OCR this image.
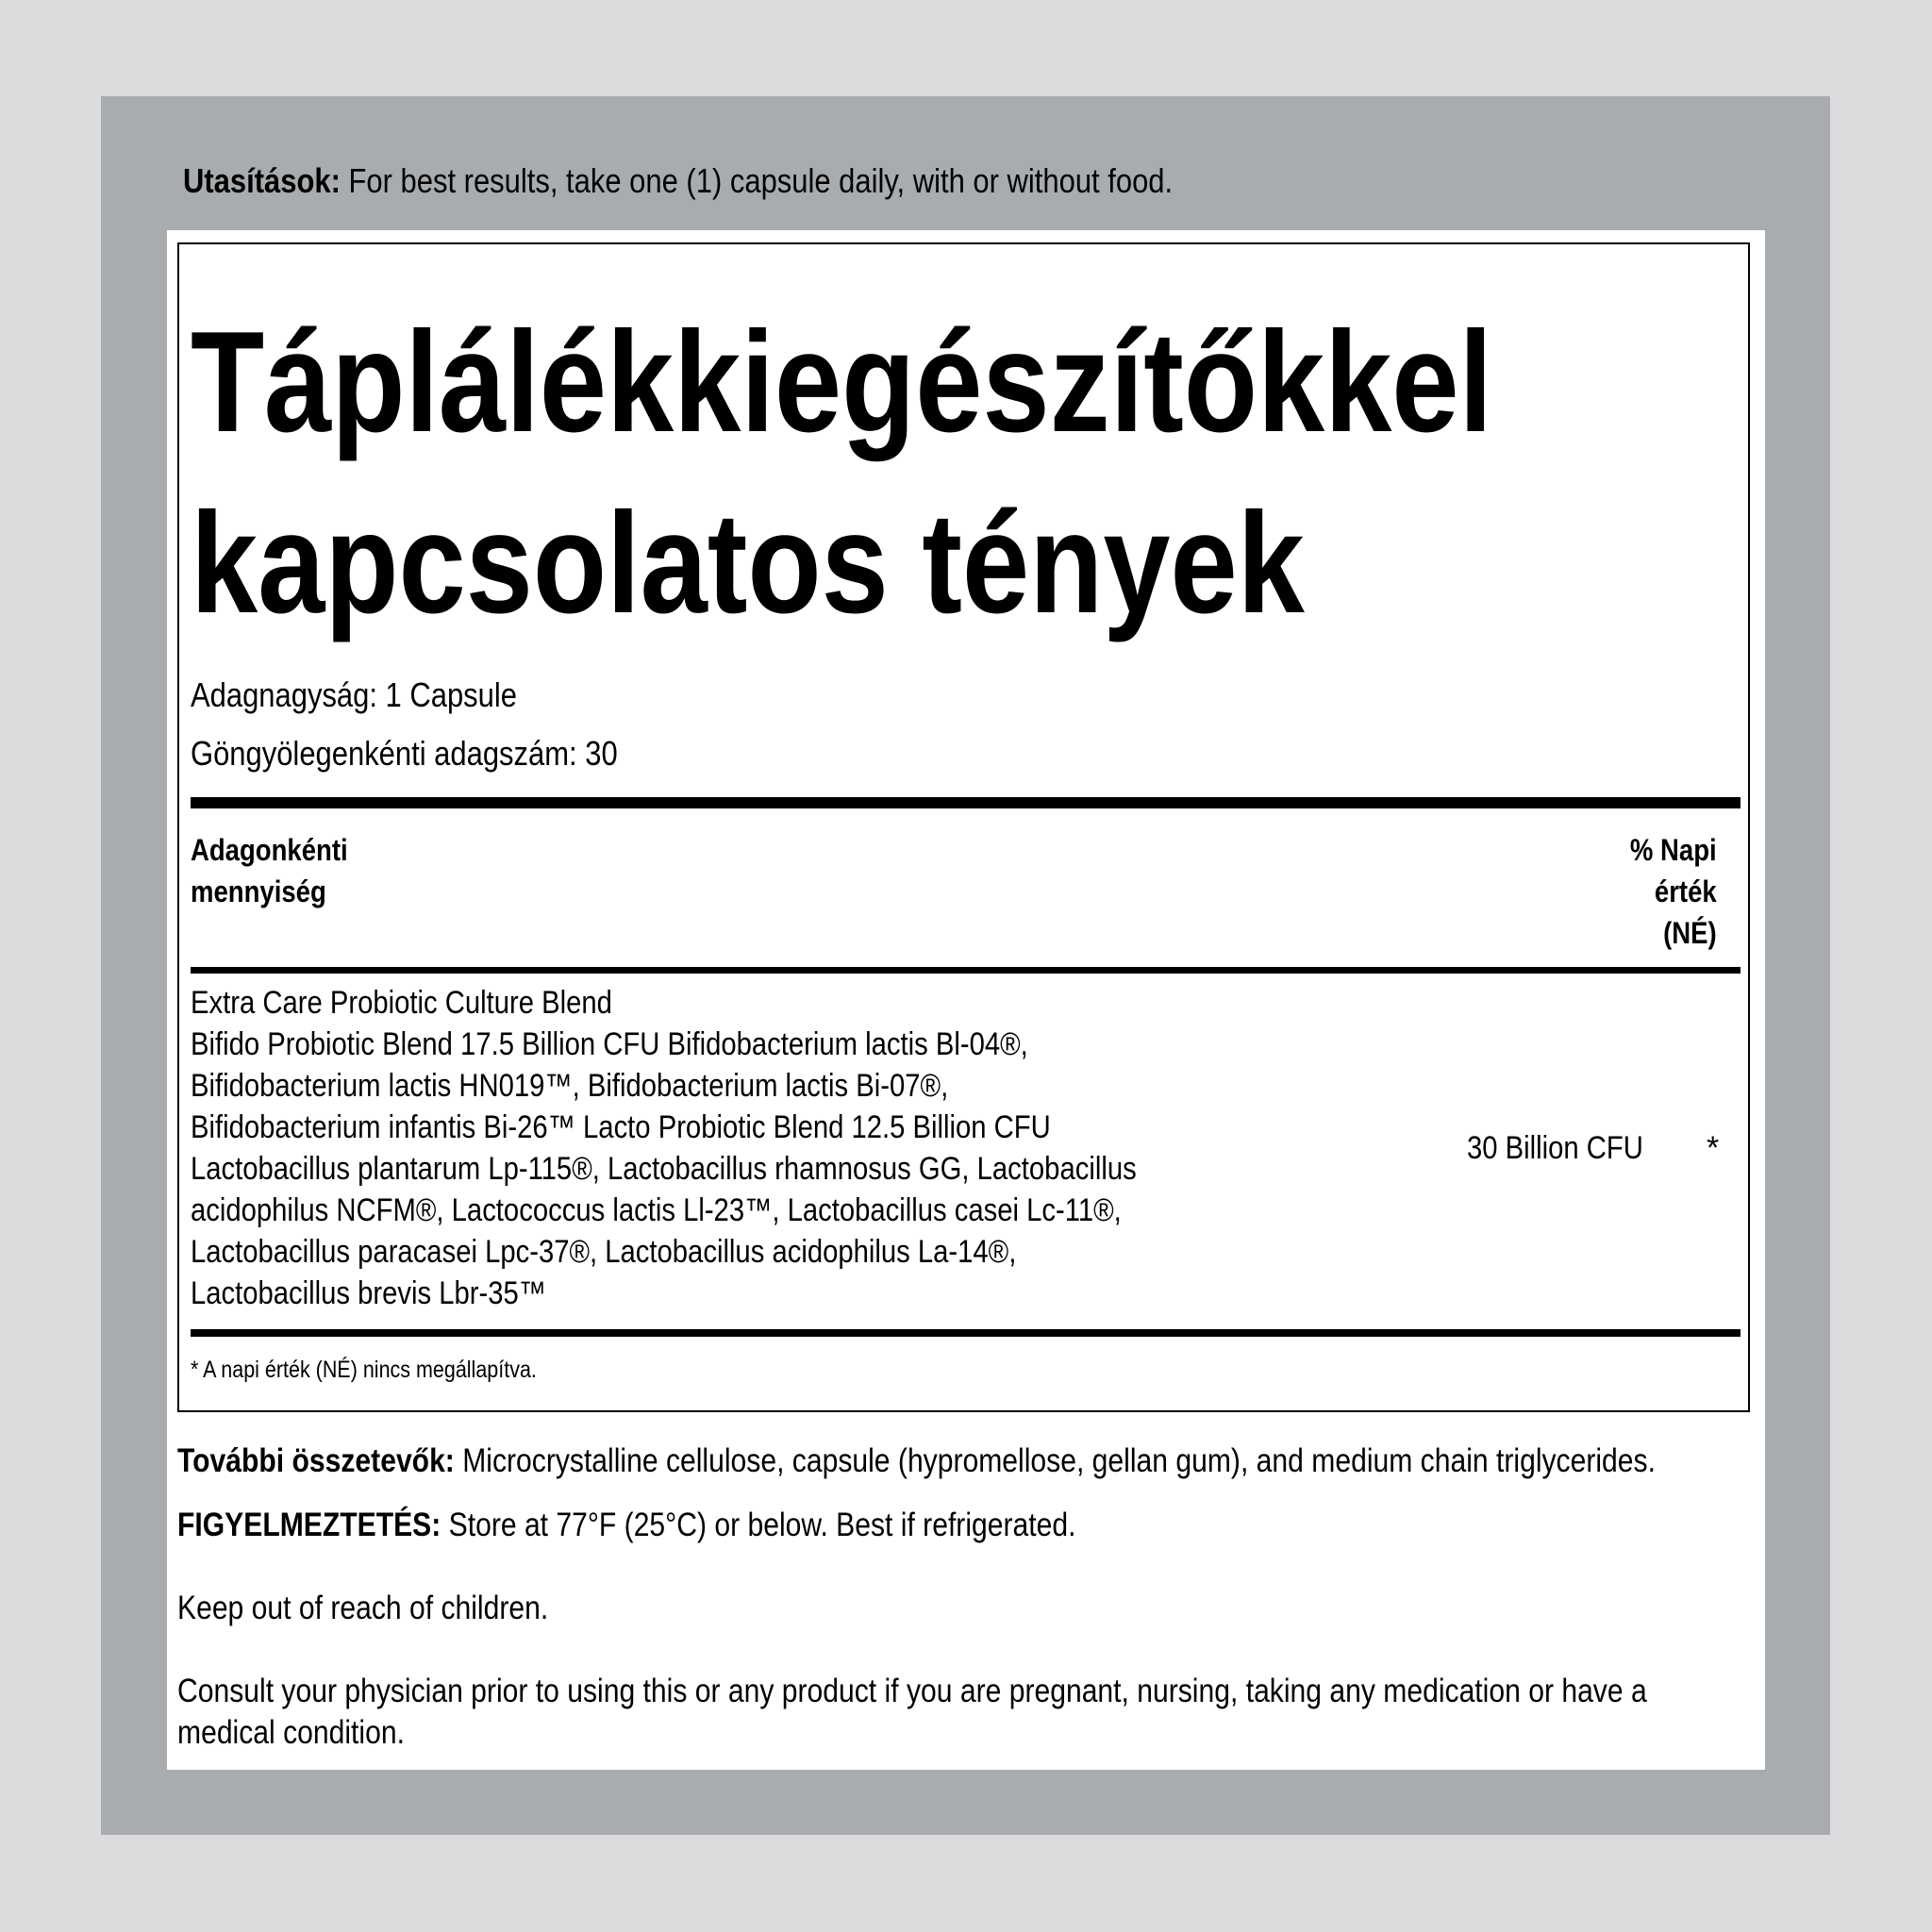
Utasítások: For best results, take one (1) capsule daily, with or without food.
Táplálékkiegészítőkkel
kapcsolatos tények
Adagnagyság: 1 Capsule
Göngyölegenkénti adagszám: 30
Adagonkénti
mennyiség
% Napi
érték
(NÉ)
Extra Care Probiotic Culture Blend
Bifido Probiotic Blend 17.5 Billion CFU Bifidobacterium lactis Bl-04®,
Bifidobacterium lactis HN019™, Bifidobacterium lactis Bi-07®,
Bifidobacterium infantis Bi-26™ Lacto Probiotic Blend 12.5 Billion CFU
Lactobacillus plantarum Lp-115®, Lactobacillus rhamnosus GG, Lactobacillus
acidophilus NCFM®, Lactococcus lactis Ll-23™, Lactobacillus casei Lc-11®,
Lactobacillus paracasei Lpc-37®, Lactobacillus acidophilus La-14®,
Lactobacillus brevis Lbr-35™
30 Billion CFU *
* A napi érték (NÉ) nincs megállapítva.
További összetevők: Microcrystalline cellulose, capsule (hypromellose, gellan gum), and medium chain triglycerides.
FIGYELMEZTETÉS: Store at 77°F (25°C) or below. Best if refrigerated.
Keep out of reach of children.
Consult your physician prior to using this or any product if you are pregnant, nursing, taking any medication or have a
medical condition.
